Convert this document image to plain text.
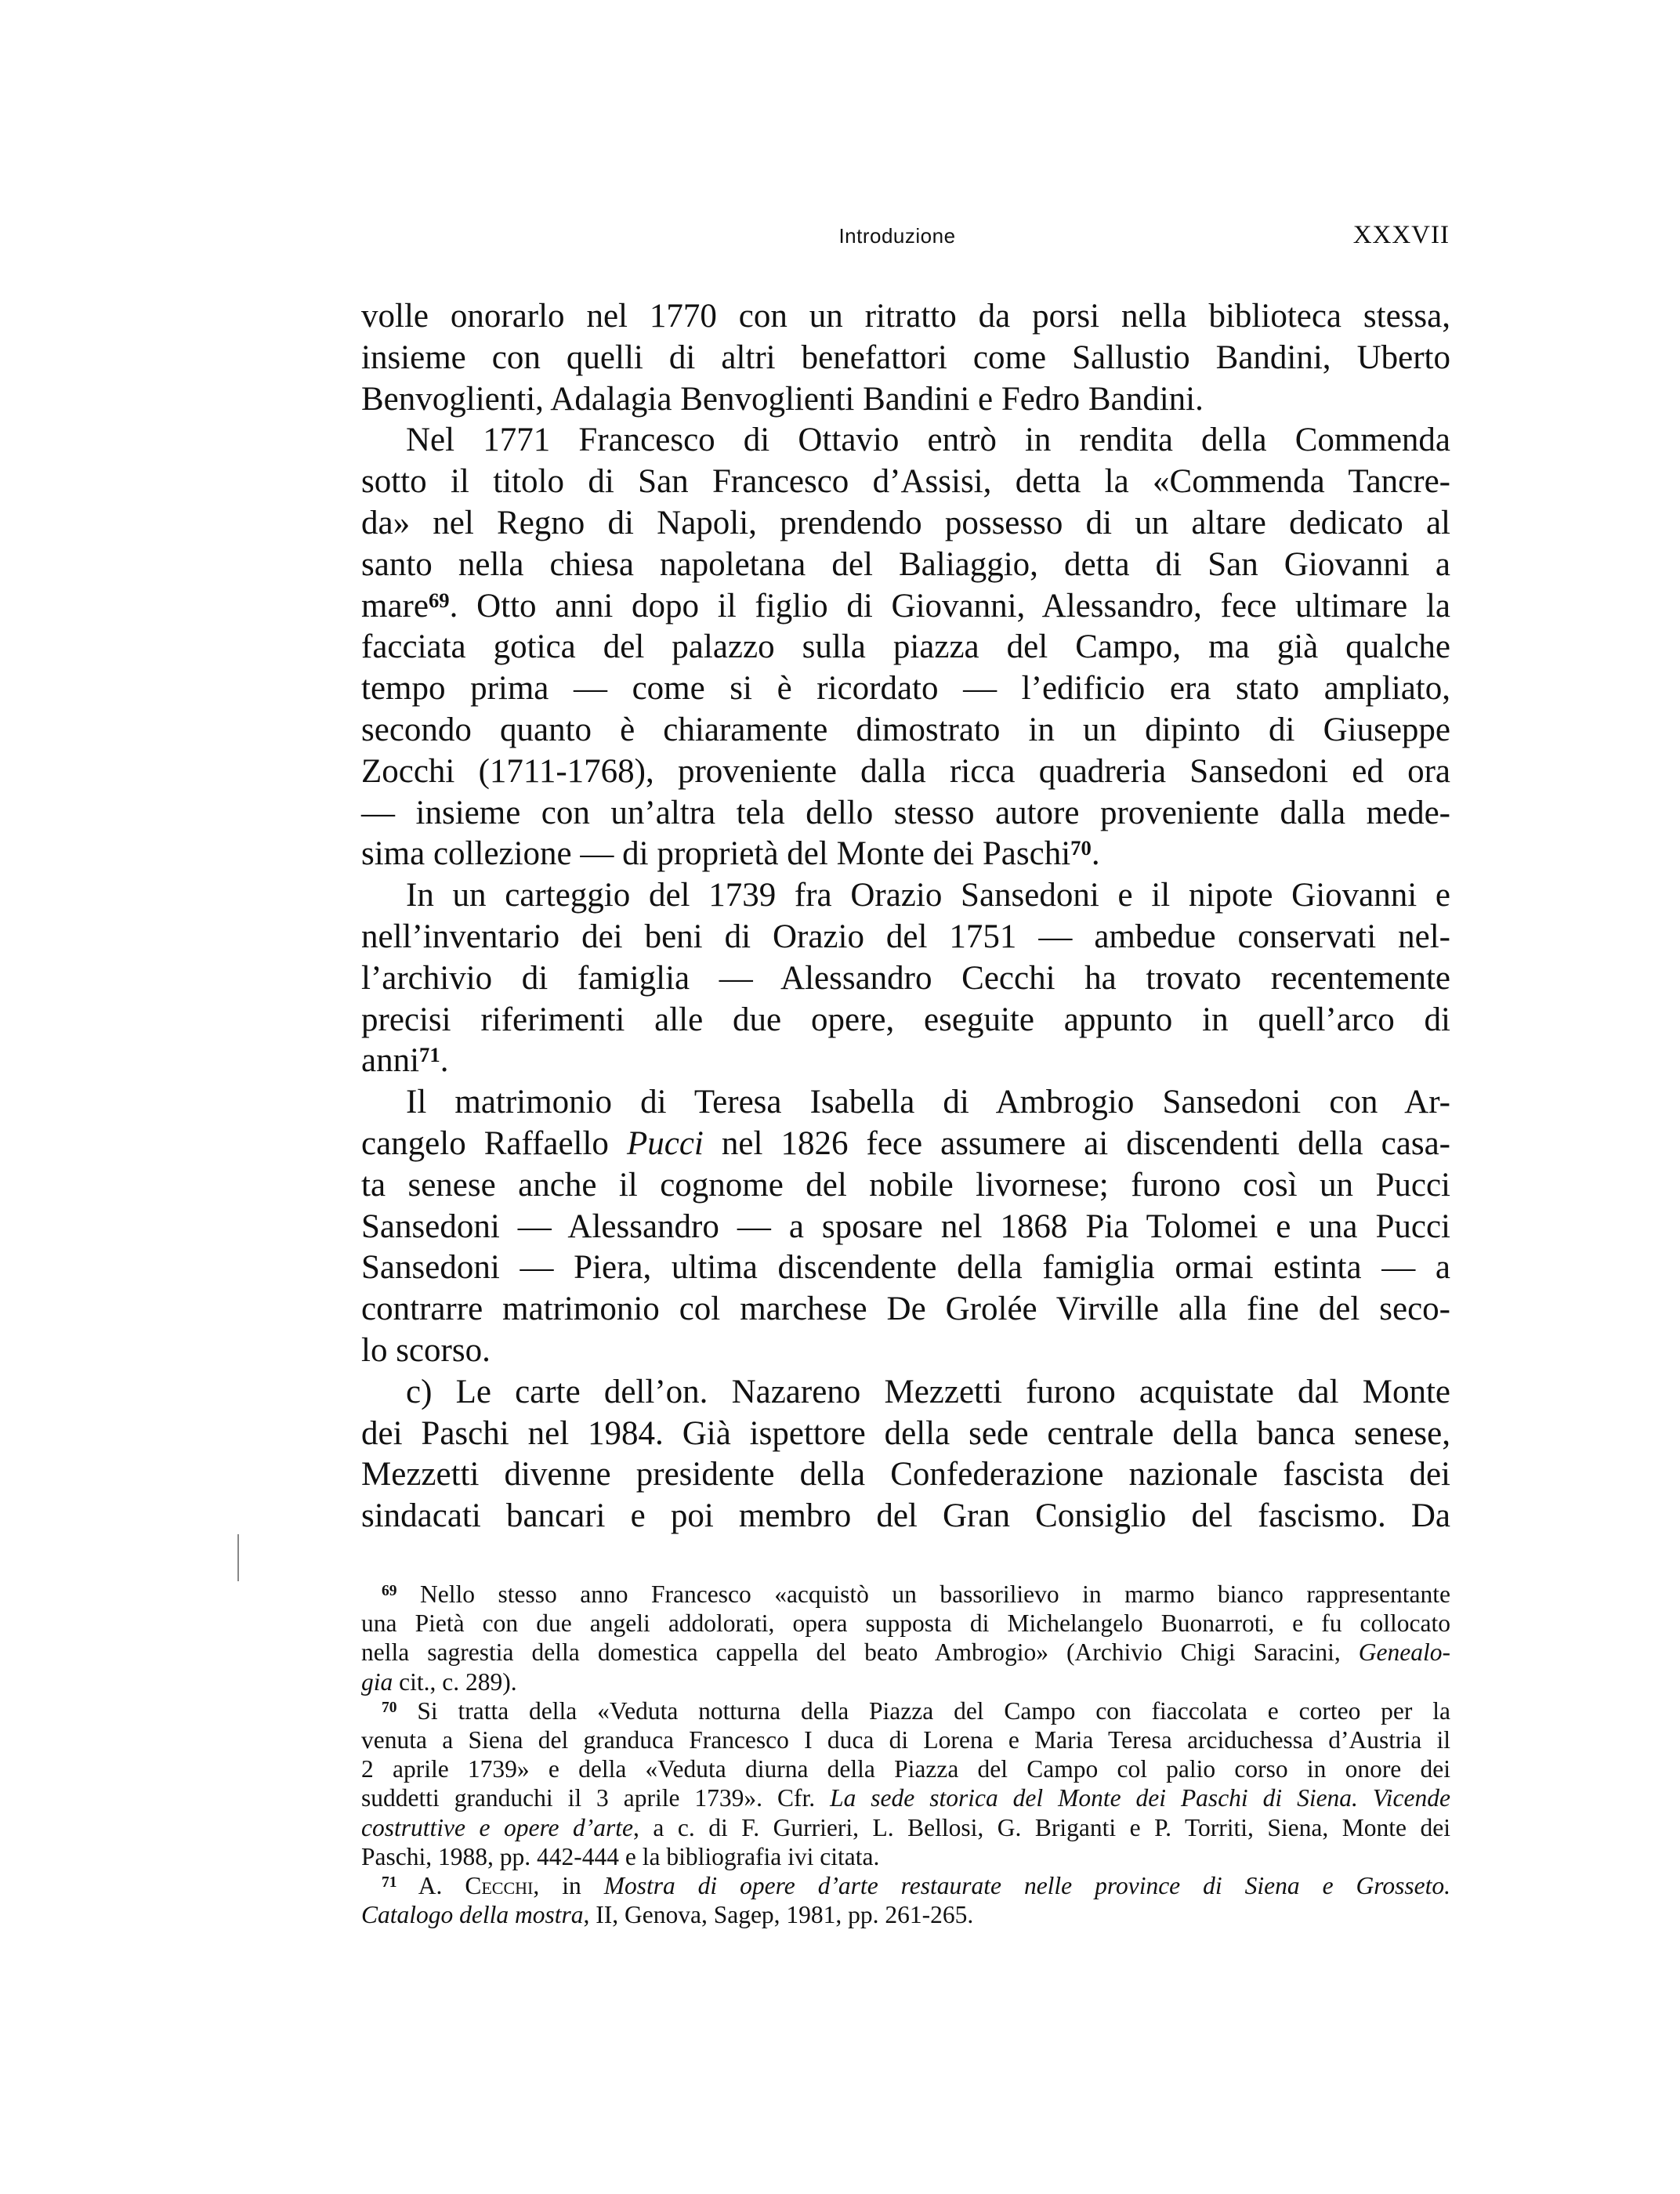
Introduzione	XXXVII
volle onorarlo nel 1770 con un ritratto da porsi nella biblioteca stessa,
insieme con quelli di altri benefattori come Sallustio Bandini, Uberto
Benvoglienti, Adalagia Benvoglienti Bandini e Fedro Bandini.
Nel 1771 Francesco di Ottavio entrò in rendita della Commenda
sotto il titolo di San Francesco d’Assisi, detta la «Commenda Tancre-
da» nel Regno di Napoli, prendendo possesso di un altare dedicato al
santo nella chiesa napoletana del Baliaggio, detta di San Giovanni a
mare$^{69}$. Otto anni dopo il figlio di Giovanni, Alessandro, fece ultimare la
facciata gotica del palazzo sulla piazza del Campo, ma già qualche
tempo prima — come si è ricordato — l’edificio era stato ampliato,
secondo quanto è chiaramente dimostrato in un dipinto di Giuseppe
Zocchi (1711-1768), proveniente dalla ricca quadreria Sansedoni ed ora
— insieme con un’altra tela dello stesso autore proveniente dalla mede-
sima collezione — di proprietà del Monte dei Paschi$^{70}$.
In un carteggio del 1739 fra Orazio Sansedoni e il nipote Giovanni e
nell’inventario dei beni di Orazio del 1751 — ambedue conservati nel-
l’archivio di famiglia — Alessandro Cecchi ha trovato recentemente
precisi riferimenti alle due opere, eseguite appunto in quell’arco di
anni$^{71}$.
Il matrimonio di Teresa Isabella di Ambrogio Sansedoni con Ar-
cangelo Raffaello Pucci nel 1826 fece assumere ai discendenti della casa-
ta senese anche il cognome del nobile livornese; furono così un Pucci
Sansedoni — Alessandro — a sposare nel 1868 Pia Tolomei e una Pucci
Sansedoni — Piera, ultima discendente della famiglia ormai estinta — a
contrarre matrimonio col marchese De Grolée Virville alla fine del seco-
lo scorso.
c) Le carte dell’on. Nazareno Mezzetti furono acquistate dal Monte
dei Paschi nel 1984. Già ispettore della sede centrale della banca senese,
Mezzetti divenne presidente della Confederazione nazionale fascista dei
sindacati bancari e poi membro del Gran Consiglio del fascismo. Da
$^{69}$ Nello stesso anno Francesco «acquistò un bassorilievo in marmo bianco rappresentante
una Pietà con due angeli addolorati, opera supposta di Michelangelo Buonarroti, e fu collocato
nella sagrestia della domestica cappella del beato Ambrogio» (Archivio Chigi Saracini, Genealo-
gia cit., c. 289).
$^{70}$ Si tratta della «Veduta notturna della Piazza del Campo con fiaccolata e corteo per la
venuta a Siena del granduca Francesco I duca di Lorena e Maria Teresa arciduchessa d’Austria il
2 aprile 1739» e della «Veduta diurna della Piazza del Campo col palio corso in onore dei
suddetti granduchi il 3 aprile 1739». Cfr. La sede storica del Monte dei Paschi di Siena. Vicende
costruttive e opere d’arte, a c. di F. Gurrieri, L. Bellosi, G. Briganti e P. Torriti, Siena, Monte dei
Paschi, 1988, pp. 442-444 e la bibliografia ivi citata.
$^{71}$ A. Cecchi, in Mostra di opere d’arte restaurate nelle province di Siena e Grosseto.
Catalogo della mostra, II, Genova, Sagep, 1981, pp. 261-265.
